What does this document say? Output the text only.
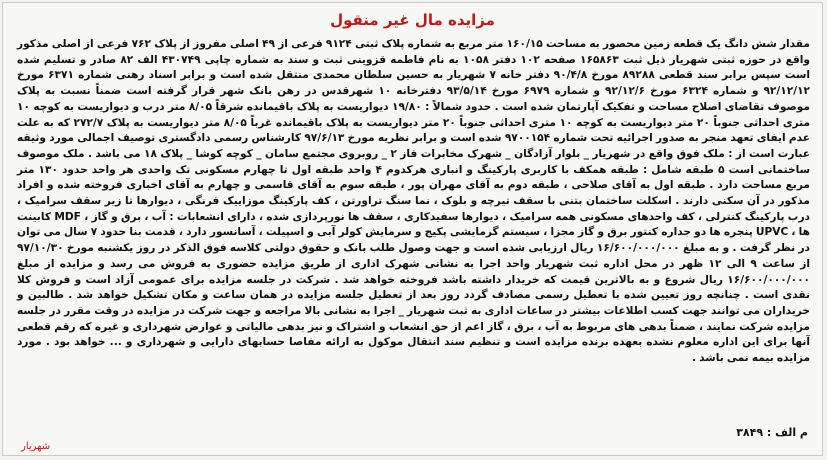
مزایده مال غیر منقول

مقدار شش دانگ یک قطعه زمین محصور به مساحت ۱۶۰/۱۵ متر مربع به شماره پلاک ثبتی ۹۱۲۴ فرعی از ۴۹ اصلی مفروز از پلاک ۷۶۲ فرعی از اصلی مذکور واقع در حوزه ثبتی شهریار ذیل ثبت ۱۶۵۸۶۳ صفحه ۱۰۲ دفتر ۱۰۵۸ به نام فاطمه قزوینی ثبت و سند به شماره چاپی ۴۳۰۷۴۹ الف ۸۲ صادر و تسلیم شده است سپس برابر سند قطعی ۸۹۲۸۸ مورخ ۹۰/۴/۸ دفتر خانه ۷ شهریار به حسین سلطان محمدی منتقل شده است و برابر اسناد رهنی شماره ۶۳۷۱ مورخ ۹۲/۱۲/۱۲ و شماره ۶۳۲۴ مورخ ۹۲/۱۲/۶ و شماره ۶۹۷۹ مورخ ۹۳/۵/۱۴ دفترخانه ۱۰ شهرقدس در رهن بانک شهر قرار گرفته است ضمناً نسبت به پلاک موصوف تقاضای اصلاح مساحت و تفکیک آپارتمان شده است . حدود شمالاً : ۱۹/۸۰ دیواریست به پلاک باقیمانده شرقاً ۸/۰۵ متر درب و دیواریست به کوچه ۱۰ متری احداثی جنوباً ۲۰ متر دیواریست به کوچه ۱۰ متری احداثی جنوباً ۲۰ متر دیواریست به پلاک باقیمانده غرباً ۸/۰۵ متر دیواریست به پلاک ۲۷۲/۷ که به علت عدم ایفای تعهد منجر به صدور اجرائیه تحت شماره ۹۷۰۰۱۵۴ شده است و برابر نظریه مورخ ۹۷/۶/۱۳ کارشناس رسمی دادگستری توصیف اجمالی مورد وثیقه عبارت است از : ملک فوق واقع در شهریار _ بلوار آزادگان _ شهرک مخابرات فاز ۲ _ روبروی مجتمع سامان _ کوچه کوشا _ پلاک ۱۸ می باشد . ملک موصوف ساختمانی است ۵ طبقه شامل : طبقه همکف با کاربری پارکینگ و انباری هرکدوم ۴ واحد طبقه اول تا چهارم مسکونی تک واحدی هر واحد حدود ۱۳۰ متر مربع مساحت دارد . طبقه اول به آقای صلاحی ، طبقه دوم به آقای مهران پور ، طبقه سوم به آقای قاسمی و چهارم به آقای اخباری فروخته شده و افراد مذکور در آن سکنی دارند . اسکلت ساختمان بتنی با سقف تیرچه و بلوک ، نما سنگ تراورتن ، کف پارکینگ موزاییک فرنگی ، دیوارها تا زیر سقف سرامیک ، درب پارکینگ کنترلی ، کف واحدهای مسکونی همه سرامیک ، دیوارها سفیدکاری ، سقف ها نورپردازی شده ، دارای انشعابات : آب ، برق و گاز ، MDF کابینت ها ، UPVC پنجره ها دو جداره کنتور برق و گاز مجزا ، سیستم گرمایشی پکیج و سرمایش کولر آبی و اسپیلت ، آسانسور دارد ، قدمت بنا حدود ۷ سال می توان در نظر گرفت . و به مبلغ ۱۶/۶۰۰/۰۰۰/۰۰۰ ریال ارزیابی شده است و جهت وصول طلب بانک و حقوق دولتی کلاسه فوق الذکر در روز یکشنبه مورخ ۹۷/۱۰/۳۰ از ساعت ۹ الی ۱۲ ظهر در محل اداره ثبت شهریار واحد اجرا به نشانی شهرک اداری از طریق مزایده حضوری به فروش می رسد و مزایده از مبلغ ۱۶/۶۰۰/۰۰۰/۰۰۰ ریال شروع و به بالاترین قیمت که خریدار داشته باشد فروخته خواهد شد . شرکت در جلسه مزایده برای عمومی آزاد است و فروش کلا نقدی است . چنانچه روز تعیین شده با تعطیل رسمی مصادف گردد روز بعد از تعطیل جلسه مزایده در همان ساعت و مکان تشکیل خواهد شد . طالبین و خریداران می توانند جهت کسب اطلاعات بیشتر در ساعات اداری به ثبت شهریار _ اجرا به نشانی بالا مراجعه و جهت شرکت در مزایده در وقت مقرر در جلسه مزایده شرکت نمایند ، ضمناً بدهی های مربوط به آب ، برق ، گاز اعم از حق انشعاب و اشتراک و نیز بدهی مالیاتی و عوارض شهرداری و غیره که رقم قطعی آنها برای این اداره معلوم نشده بعهده برنده مزایده است و تنظیم سند انتقال موکول به ارائه مفاصا حسابهای دارایی و شهرداری و ... خواهد بود . مورد مزایده بیمه نمی باشد .

م الف : ۳۸۴۹
شهریار
